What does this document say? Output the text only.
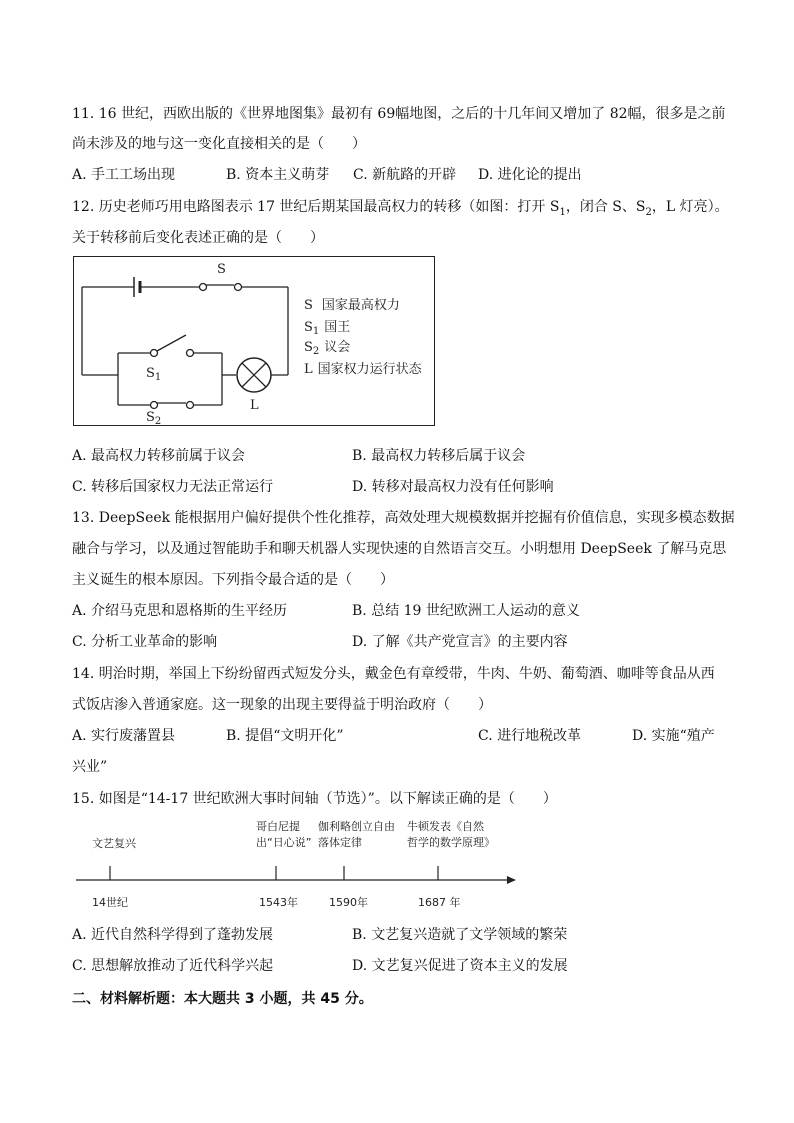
11. 16 世纪，西欧出版的《世界地图集》最初有 69幅地图，之后的十几年间又增加了 82幅，很多是之前
尚未涉及的地与这一变化直接相关的是（　　）
A. 手工工场出现	B. 资本主义萌芽 C. 新航路的开辟 D. 进化论的提出
12. 历史老师巧用电路图表示 17 世纪后期某国最高权力的转移（如图：打开 $S_1$，闭合 S、$S_2$，L 灯亮）。
关于转移前后变化表述正确的是（　　）
S
$S_1$
$S_2$
L
S 国家最高权力
$S_1$ 国王
$S_2$ 议会
L 国家权力运行状态
A. 最高权力转移前属于议会	B. 最高权力转移后属于议会
C. 转移后国家权力无法正常运行	D. 转移对最高权力没有任何影响
13. DeepSeek 能根据用户偏好提供个性化推荐，高效处理大规模数据并挖掘有价值信息，实现多模态数据
融合与学习，以及通过智能助手和聊天机器人实现快速的自然语言交互。小明想用 DeepSeek 了解马克思
主义诞生的根本原因。下列指令最合适的是（　　）
A. 介绍马克思和恩格斯的生平经历	B. 总结 19 世纪欧洲工人运动的意义
C. 分析工业革命的影响	D. 了解《共产党宣言》的主要内容
14. 明治时期，举国上下纷纷留西式短发分头，戴金色有章绶带，牛肉、牛奶、葡萄酒、咖啡等食品从西
式饭店渗入普通家庭。这一现象的出现主要得益于明治政府（　　）
A. 实行废藩置县	B. 提倡“文明开化”	C. 进行地税改革	D. 实施“殖产
兴业”
15. 如图是“14-17 世纪欧洲大事时间轴（节选）”。以下解读正确的是（　　）
文艺复兴
14世纪
哥白尼提
出“日心说”
1543年
伽利略创立自由
落体定律
1590年
牛顿发表《自然
哲学的数学原理》
1687 年
A. 近代自然科学得到了蓬勃发展	B. 文艺复兴造就了文学领域的繁荣
C. 思想解放推动了近代科学兴起	D. 文艺复兴促进了资本主义的发展
二、材料解析题：本大题共 3 小题，共 45 分。
